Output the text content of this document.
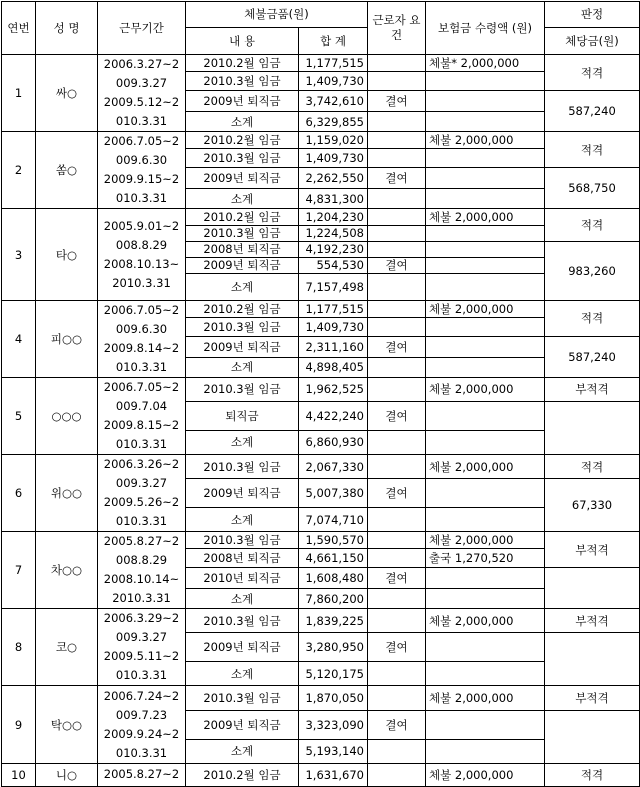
연번	성 명	근무기간	체불금품(원)		근로자 요건	보험금 수령액 (원)	판정
			내 용	합 계			체당금(원)
1	싸○	2006.3.27~2 009.3.27 2009.5.12~2 010.3.31	2010.2월 임금	1,177,515		체불* 2,000,000	적격
			2010.3월 임금	1,409,730			
			2009년 퇴직금	3,742,610	결여		587,240
			소계	6,329,855			
2	쏨○	2006.7.05~2 009.6.30 2009.9.15~2 010.3.31	2010.2월 임금	1,159,020		체불 2,000,000	적격
			2010.3월 임금	1,409,730			
			2009년 퇴직금	2,262,550	결여		568,750
			소계	4,831,300			
3	타○	2005.9.01~2 008.8.29 2008.10.13~ 2010.3.31	2010.2월 임금	1,204,230		체불 2,000,000	적격
			2010.3월 임금	1,224,508			
			2008년 퇴직금	4,192,230			983,260
			2009년 퇴직금	554,530	결여		
			소계	7,157,498			
4	피○○	2006.7.05~2 009.6.30 2009.8.14~2 010.3.31	2010.2월 임금	1,177,515		체불 2,000,000	적격
			2010.3월 임금	1,409,730			
			2009년 퇴직금	2,311,160	결여		587,240
			소계	4,898,405			
5	○○○	2006.7.05~2 009.7.04 2009.8.15~2 010.3.31	2010.3월 임금	1,962,525		체불 2,000,000	부적격
			퇴직금	4,422,240	결여		
			소계	6,860,930			
6	위○○	2006.3.26~2 009.3.27 2009.5.26~2 010.3.31	2010.3월 임금	2,067,330		체불 2,000,000	적격
			2009년 퇴직금	5,007,380	결여		67,330
			소계	7,074,710			
7	차○○	2005.8.27~2 008.8.29 2008.10.14~ 2010.3.31	2010.3월 임금	1,590,570		체불 2,000,000	부적격
			2008년 퇴직금	4,661,150		출국 1,270,520	
			2010년 퇴직금	1,608,480	결여		
			소계	7,860,200			
8	코○	2006.3.29~2 009.3.27 2009.5.11~2 010.3.31	2010.3월 임금	1,839,225		체불 2,000,000	부적격
			2009년 퇴직금	3,280,950	결여		
			소계	5,120,175			
9	탁○○	2006.7.24~2 009.7.23 2009.9.24~2 010.3.31	2010.3월 임금	1,870,050		체불 2,000,000	부적격
			2009년 퇴직금	3,323,090	결여		
			소계	5,193,140			
10	니○	2005.8.27~2	2010.2월 임금	1,631,670		체불 2,000,000	적격
